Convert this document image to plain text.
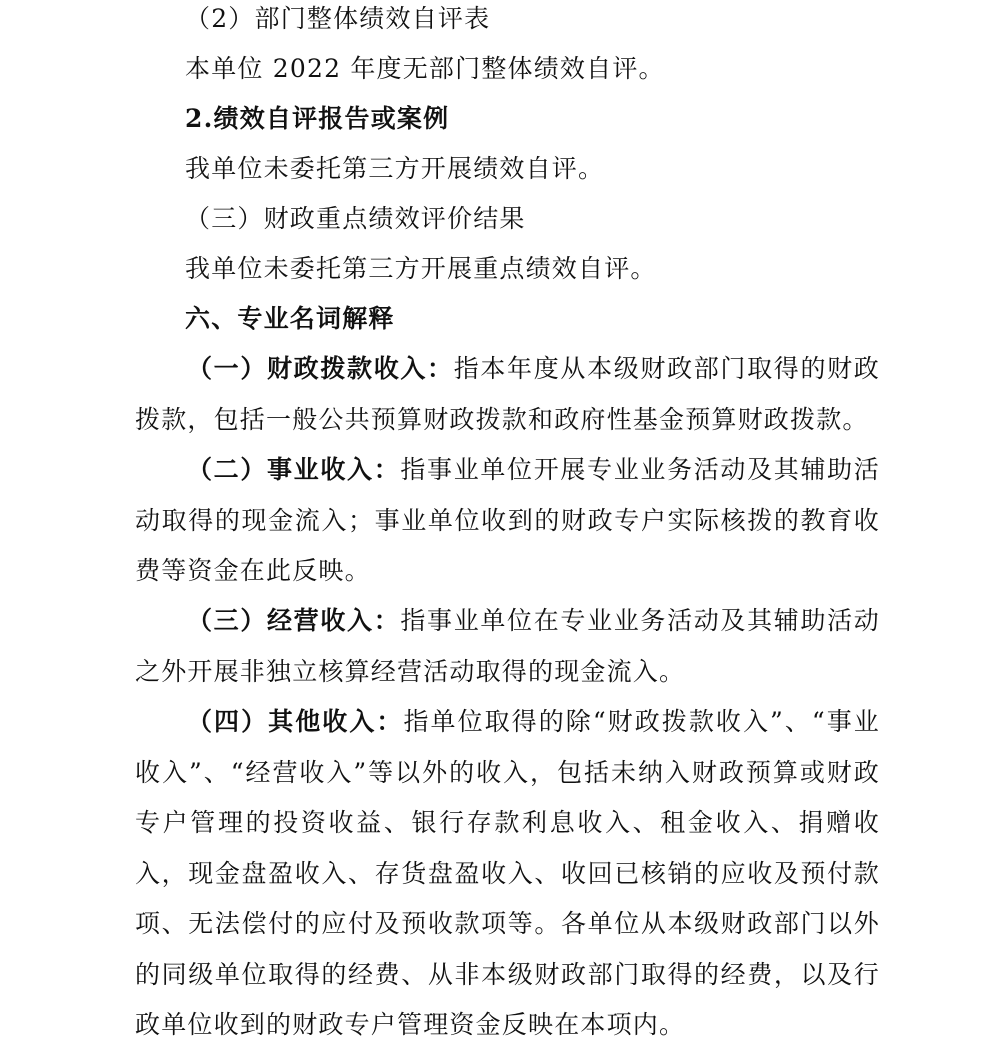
（2）部门整体绩效自评表
本单位 2022 年度无部门整体绩效自评。
2.绩效自评报告或案例
我单位未委托第三方开展绩效自评。
（三）财政重点绩效评价结果
我单位未委托第三方开展重点绩效自评。
六、专业名词解释
（一）财政拨款收入：指本年度从本级财政部门取得的财政拨款，包括一般公共预算财政拨款和政府性基金预算财政拨款。
（二）事业收入：指事业单位开展专业业务活动及其辅助活动取得的现金流入；事业单位收到的财政专户实际核拨的教育收费等资金在此反映。
（三）经营收入：指事业单位在专业业务活动及其辅助活动之外开展非独立核算经营活动取得的现金流入。
（四）其他收入：指单位取得的除“财政拨款收入”、“事业收入”、“经营收入”等以外的收入，包括未纳入财政预算或财政专户管理的投资收益、银行存款利息收入、租金收入、捐赠收入，现金盘盈收入、存货盘盈收入、收回已核销的应收及预付款项、无法偿付的应付及预收款项等。各单位从本级财政部门以外的同级单位取得的经费、从非本级财政部门取得的经费，以及行政单位收到的财政专户管理资金反映在本项内。
